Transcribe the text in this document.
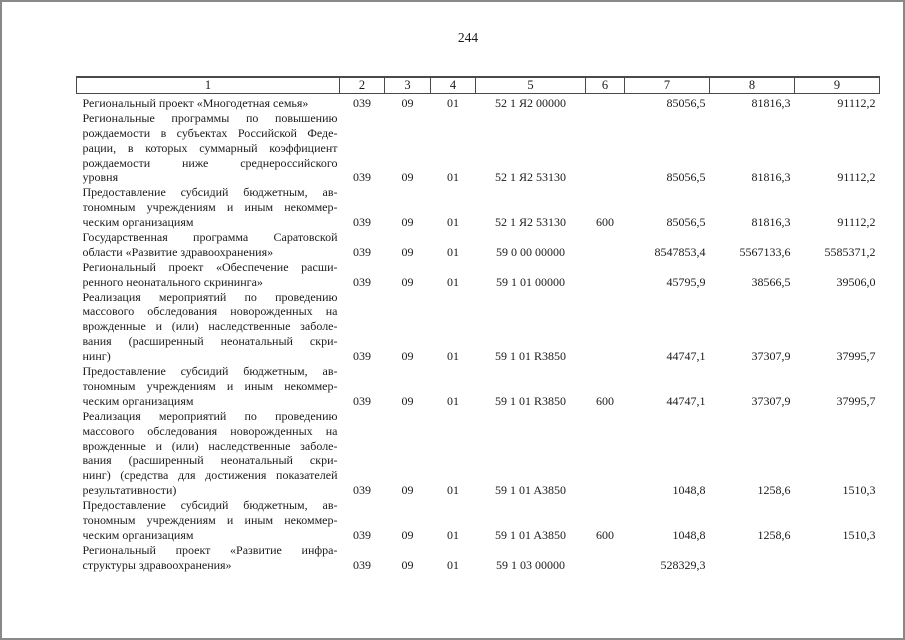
244
1	2	3	4	5	6	7	8	9

Региональный проект «Многодетная семья»	039	09	01	52 1 Я2 00000		85056,5	81816,3	91112,2

Региональные программы по повышению
рождаемости в субъектах Российской Феде-
рации, в которых суммарный коэффициент
рождаемости ниже среднероссийского
уровня	039	09	01	52 1 Я2 53130		85056,5	81816,3	91112,2

Предоставление субсидий бюджетным, ав-
тономным учреждениям и иным некоммер-
ческим организациям	039	09	01	52 1 Я2 53130	600	85056,5	81816,3	91112,2

Государственная программа Саратовской
области «Развитие здравоохранения»	039	09	01	59 0 00 00000		8547853,4	5567133,6	5585371,2

Региональный проект «Обеспечение расши-
ренного неонатального скрининга»	039	09	01	59 1 01 00000		45795,9	38566,5	39506,0

Реализация мероприятий по проведению
массового обследования новорожденных на
врожденные и (или) наследственные заболе-
вания (расширенный неонатальный скри-
нинг)	039	09	01	59 1 01 R3850		44747,1	37307,9	37995,7

Предоставление субсидий бюджетным, ав-
тономным учреждениям и иным некоммер-
ческим организациям	039	09	01	59 1 01 R3850	600	44747,1	37307,9	37995,7

Реализация мероприятий по проведению
массового обследования новорожденных на
врожденные и (или) наследственные заболе-
вания (расширенный неонатальный скри-
нинг) (средства для достижения показателей
результативности)	039	09	01	59 1 01 A3850		1048,8	1258,6	1510,3

Предоставление субсидий бюджетным, ав-
тономным учреждениям и иным некоммер-
ческим организациям	039	09	01	59 1 01 A3850	600	1048,8	1258,6	1510,3

Региональный проект «Развитие инфра-
структуры здравоохранения»	039	09	01	59 1 03 00000		528329,3		
